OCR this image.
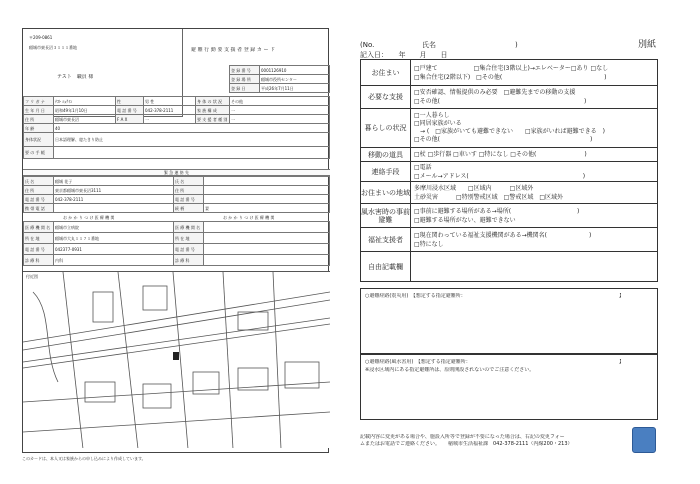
〒209-0861
稲城市東長沼３１１１番地
テスト　職員 様
避 難 行 動 要 支 援 者 登 録 カ ー ド
登 録 番 号	0001126910
登 録 場 所	稲城市役所センター
登 録 日	平成26年7月11日
フ リ ガ ナ	ﾃｽﾄ ｼｮｸｲﾝ	性	男 性	身 体 の 状 況	その他
生 年 月 日	昭和49年1月10日	電 話 番 号	042-378-2111	家 族 構 成	一
住 所	稲城市東長沼	F A X	一	要 支 援 者 種 別	一
年 齢	40				
身体状況	日本語理解、寝たきり防止				
要 の 手 帳					
緊 急 連 絡 先
氏 名	稲城 花子	氏 名	
住 所	東京都稲城市東長沼3111	住 所	
電 話 番 号	042-378-2111	電 話 番 号	
携 帯 電 話		続 柄	妻
お か か り つ け 医 療 機 関	お か か り つ け 医 療 機 関
医 療 機 関 名	稲城市立病院	医 療 機 関 名	
所 在 地	稲城市大丸１１７１番地	所 在 地	
電 話 番 号	042377-0931	電 話 番 号	
診 療 科	内科	診 療 科	
付近図
このカードは、本人又は家族からの申し込みにより作成しています。
(No.	氏名	)	別紙
記入日：　　年　　月　　日
お住まい	□戸建て　　　　　　□集合住宅(3階以上)→エレベーター□あり □なし
□集合住宅(2階以下)　□その他(　　　　　　　　　　　　　　　　　)

必要な支援	□安否確認、情報提供のみ必要　□避難先までの移動の支援
□その他(　　　　　　　　　　　　　　　　　　　　　　　　)

暮らしの状況	□一人暮らし
□同居家族がいる
　→ (　□家族がいても避難できない　　□家族がいれば避難できる　)
□その他(　　　　　　　　　　　　　　　　　　　　　　　　　)

移動の道具	□杖 □歩行器 □車いす □特になし □その他(　　　　　　　　)
連絡手段	□電話
□メール→アドレス(　　　　　　　　　　　　　　　　　　　)

お住まいの地域	多摩川浸水区域　　□区域内　　　□区域外
土砂災害　　　□特別警戒区域　□警戒区域　□区域外

風水害時の事前避難	□事前に避難する場所がある→場所(　　　　　　　　　　　)
□避難する場所がない、避難できない

福祉支援者	□現在関わっている福祉支援機関がある→機関名(　　　　　　　)
□特になし

自由記載欄	
○避難経路(震災用)　【想定する指定避難所：	】
○避難経路(風水害用)　【想定する指定避難所：	】
※浸水区域内にある指定避難所は、原則開設されないのでご注意ください。
記載内容に変更がある場合や、施設入所等で登録が不要になった場合は、右記の変更フォー
ムまたはお電話でご連絡ください。 稲城市生活福祉課　042-378-2111（内線200・213）
